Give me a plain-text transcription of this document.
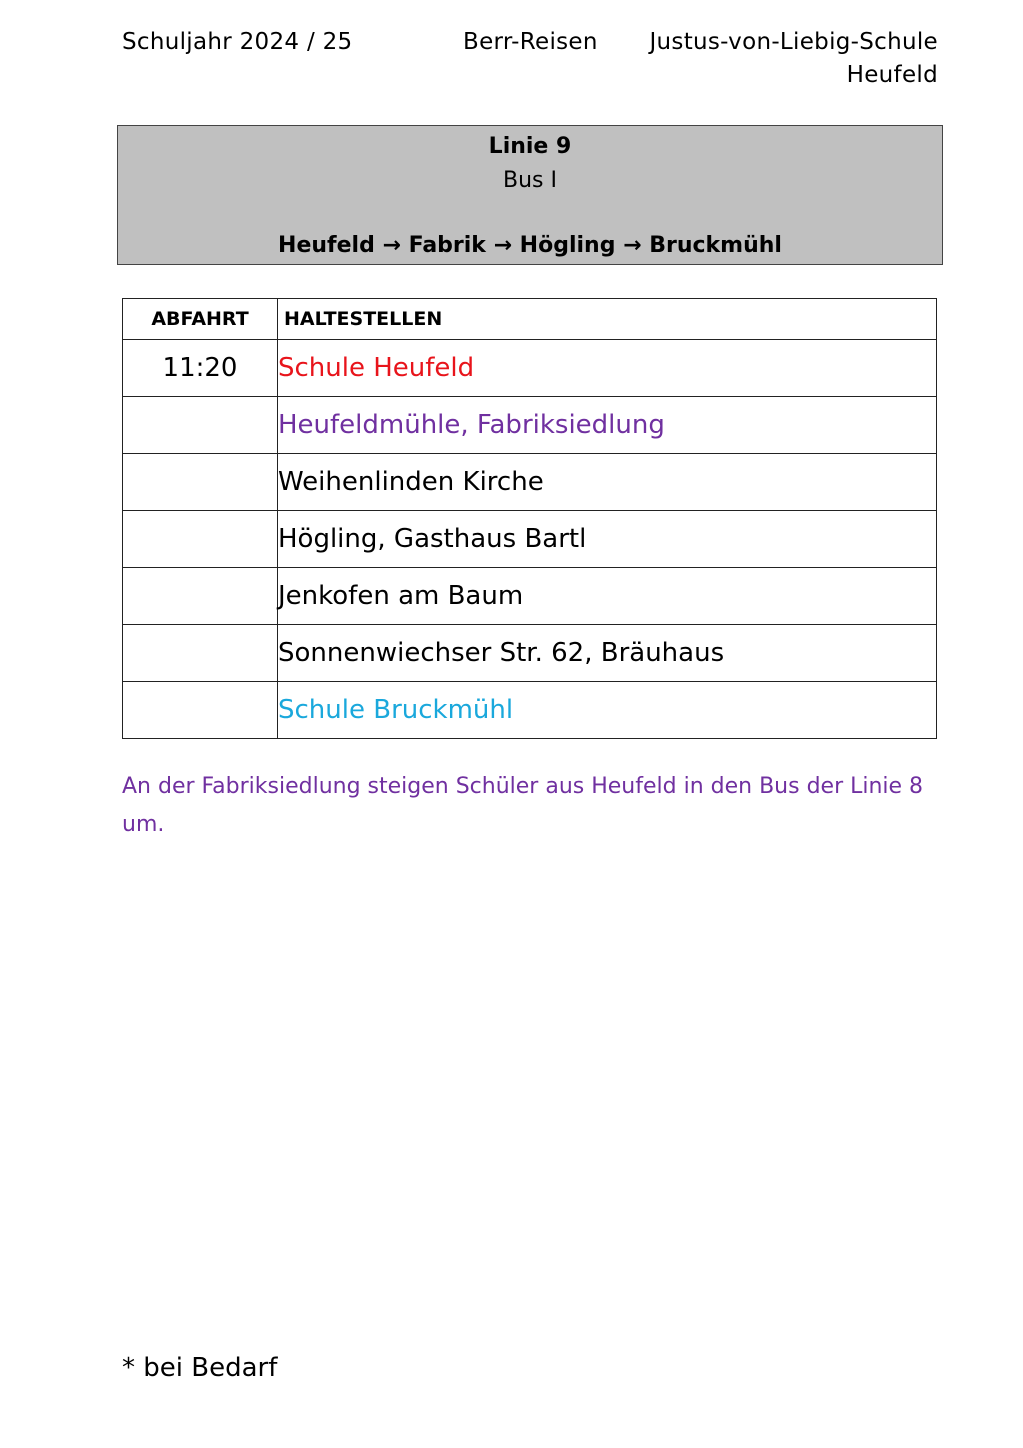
Schuljahr 2024 / 25	Berr-Reisen Justus-von-Liebig-Schule
Heufeld
Linie 9
Bus I
Heufeld → Fabrik → Högling → Bruckmühl
ABFAHRT	HALTESTELLEN
11:20	Schule Heufeld
	Heufeldmühle, Fabriksiedlung
	Weihenlinden Kirche
	Högling, Gasthaus Bartl
	Jenkofen am Baum
	Sonnenwiechser Str. 62, Bräuhaus
	Schule Bruckmühl
An der Fabriksiedlung steigen Schüler aus Heufeld in den Bus der Linie 8 um.
* bei Bedarf
